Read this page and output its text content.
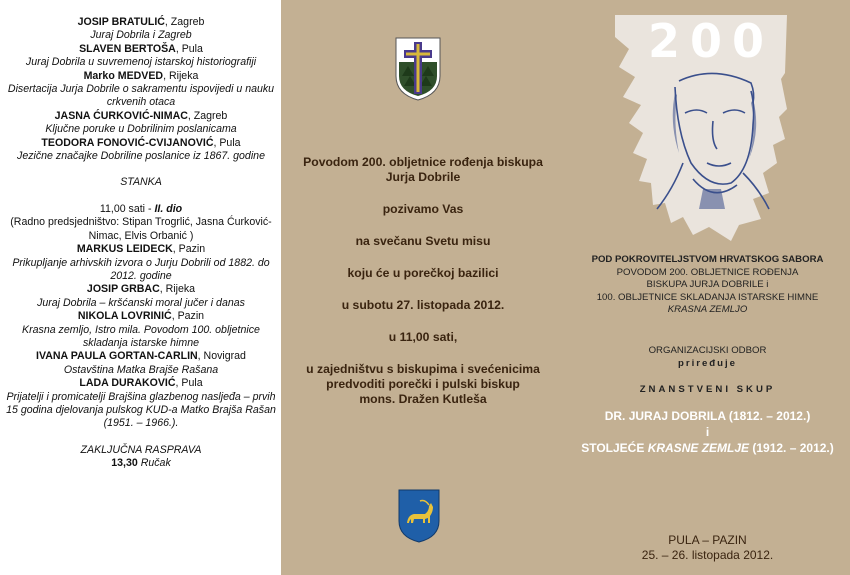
JOSIP BRATULIĆ, Zagreb
Juraj Dobrila i Zagreb
SLAVEN BERTOŠA, Pula
Juraj Dobrila u suvremenoj istarskoj historiografiji
Marko MEDVED, Rijeka
Disertacija Jurja Dobrile o sakramentu ispovijedi u nauku crkvenih otaca
JASNA ĆURKOVIĆ-NIMAC, Zagreb
Ključne poruke u Dobrilinim poslanicama
TEODORA FONOVIĆ-CVIJANOVIĆ, Pula
Jezične značajke Dobriline poslanice iz 1867. godine
STANKA
11,00 sati - II. dio
(Radno predsjedništvo: Stipan Trogrlić, Jasna Ćurković-Nimac, Elvis Orbanić )
MARKUS LEIDECK, Pazin
Prikupljanje arhivskih izvora o Jurju Dobrili od 1882. do 2012. godine
JOSIP GRBAC, Rijeka
Juraj Dobrila – kršćanski moral jučer i danas
NIKOLA LOVRINIĆ, Pazin
Krasna zemljo, Istro mila. Povodom 100. obljetnice skladanja istarske himne
IVANA PAULA GORTAN-CARLIN, Novigrad
Ostavština Matka Brajše Rašana
LADA DURAKOVIĆ, Pula
Prijatelji i promicatelji Brajšina glazbenog nasljeđa – prvih 15 godina djelovanja pulskog KUD-a Matko Brajša Rašan (1951. – 1966.).
ZAKLJUČNA RASPRAVA
13,30 Ručak
Povodom 200. obljetnice rođenja biskupa Jurja Dobrile
pozivamo Vas
na svečanu Svetu misu
koju će u porečkoj bazilici
u subotu 27. listopada 2012.
u 11,00 sati,
u zajedništvu s biskupima i svećenicima
predvoditi porečki i pulski biskup
mons. Dražen Kutleša
200
POD POKROVITELJSTVOM HRVATSKOG SABORA
POVODOM 200. OBLJETNICE ROĐENJA
BISKUPA JURJA DOBRILE i
100. OBLJETNICE SKLADANJA ISTARSKE HIMNE
KRASNA ZEMLJO
ORGANIZACIJSKI ODBOR
priređuje
ZNANSTVENI SKUP
DR. JURAJ DOBRILA (1812. – 2012.)
i
STOLJEĆE KRASNE ZEMLJE (1912. – 2012.)
PULA – PAZIN
25. – 26. listopada 2012.
